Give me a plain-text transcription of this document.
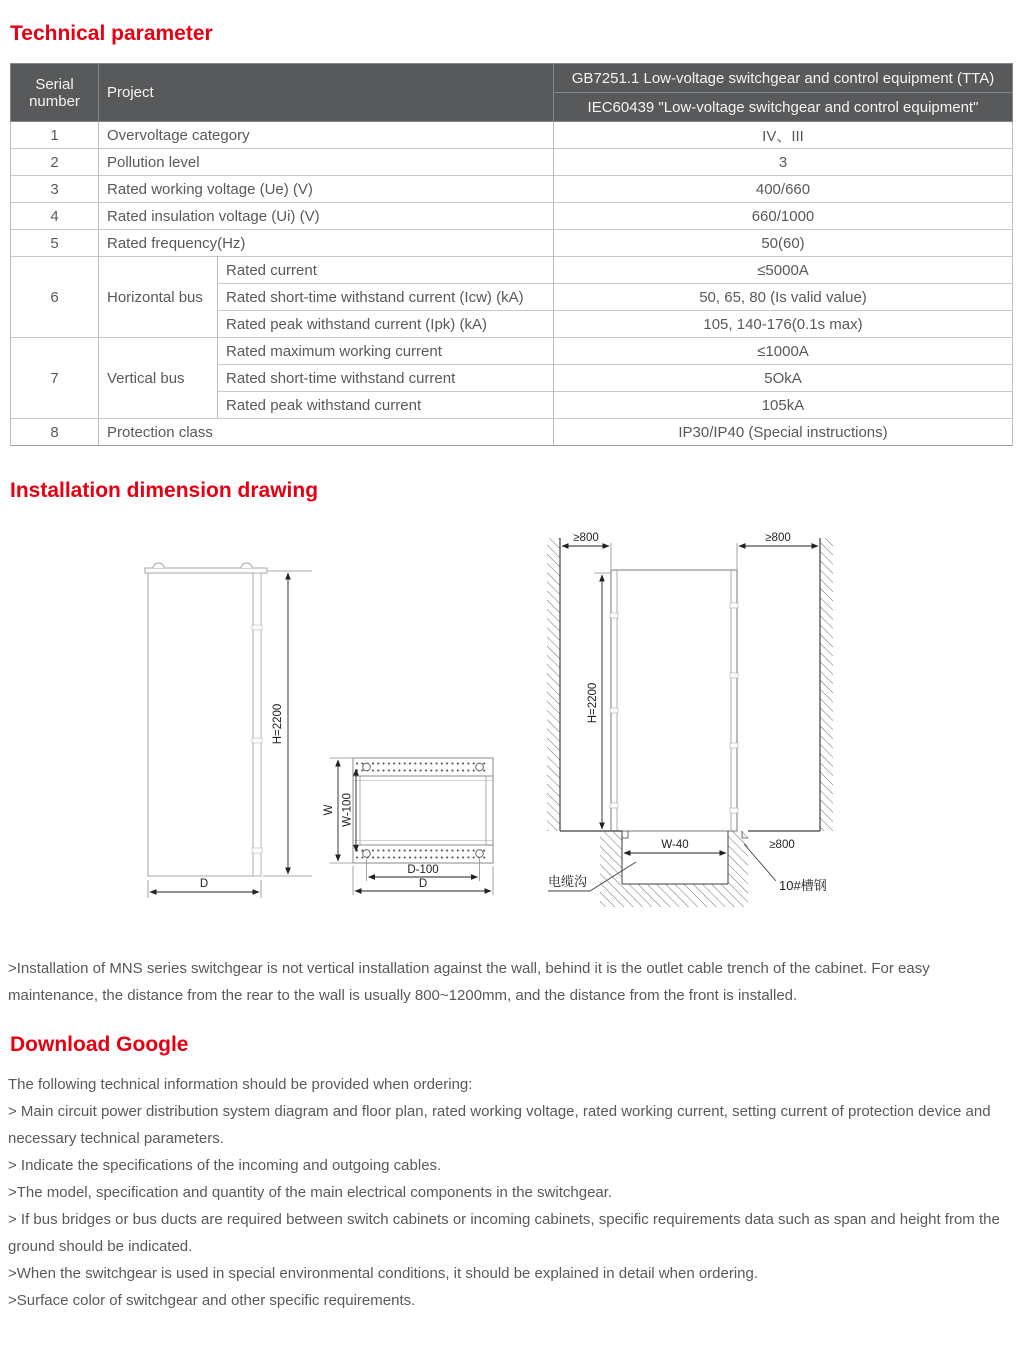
Technical parameter
Serial number	Project		GB7251.1 Low-voltage switchgear and control equipment (TTA)
			IEC60439 "Low-voltage switchgear and control equipment"
1	Overvoltage category		IV、III
2	Pollution level		3
3	Rated working voltage (Ue) (V)		400/660
4	Rated insulation voltage (Ui) (V)		660/1000
5	Rated frequency(Hz)		50(60)
6	Horizontal bus	Rated current	≤5000A
		Rated short-time withstand current (Icw) (kA)	50, 65, 80 (Is valid value)
		Rated peak withstand current (Ipk) (kA)	105, 140-176(0.1s max)
7	Vertical bus	Rated maximum working current	≤1000A
		Rated short-time withstand current	5OkA
		Rated peak withstand current	105kA
8	Protection class		IP30/IP40 (Special instructions)
Installation dimension drawing
H=2200
D
W W-100
D-100
D
≥800	≥800
H=2200
W-40	≥800
电缆沟	10#槽钢

>Installation of MNS series switchgear is not vertical installation against the wall, behind it is the outlet cable trench of the cabinet. For easy maintenance, the distance from the rear to the wall is usually 800~1200mm, and the distance from the front is installed.

Download Google

The following technical information should be provided when ordering:

> Main circuit power distribution system diagram and floor plan, rated working voltage, rated working current, setting current of protection device and necessary technical parameters.

> Indicate the specifications of the incoming and outgoing cables.

>The model, specification and quantity of the main electrical components in the switchgear.

> If bus bridges or bus ducts are required between switch cabinets or incoming cabinets, specific requirements data such as span and height from the ground should be indicated.

>When the switchgear is used in special environmental conditions, it should be explained in detail when ordering.

>Surface color of switchgear and other specific requirements.
